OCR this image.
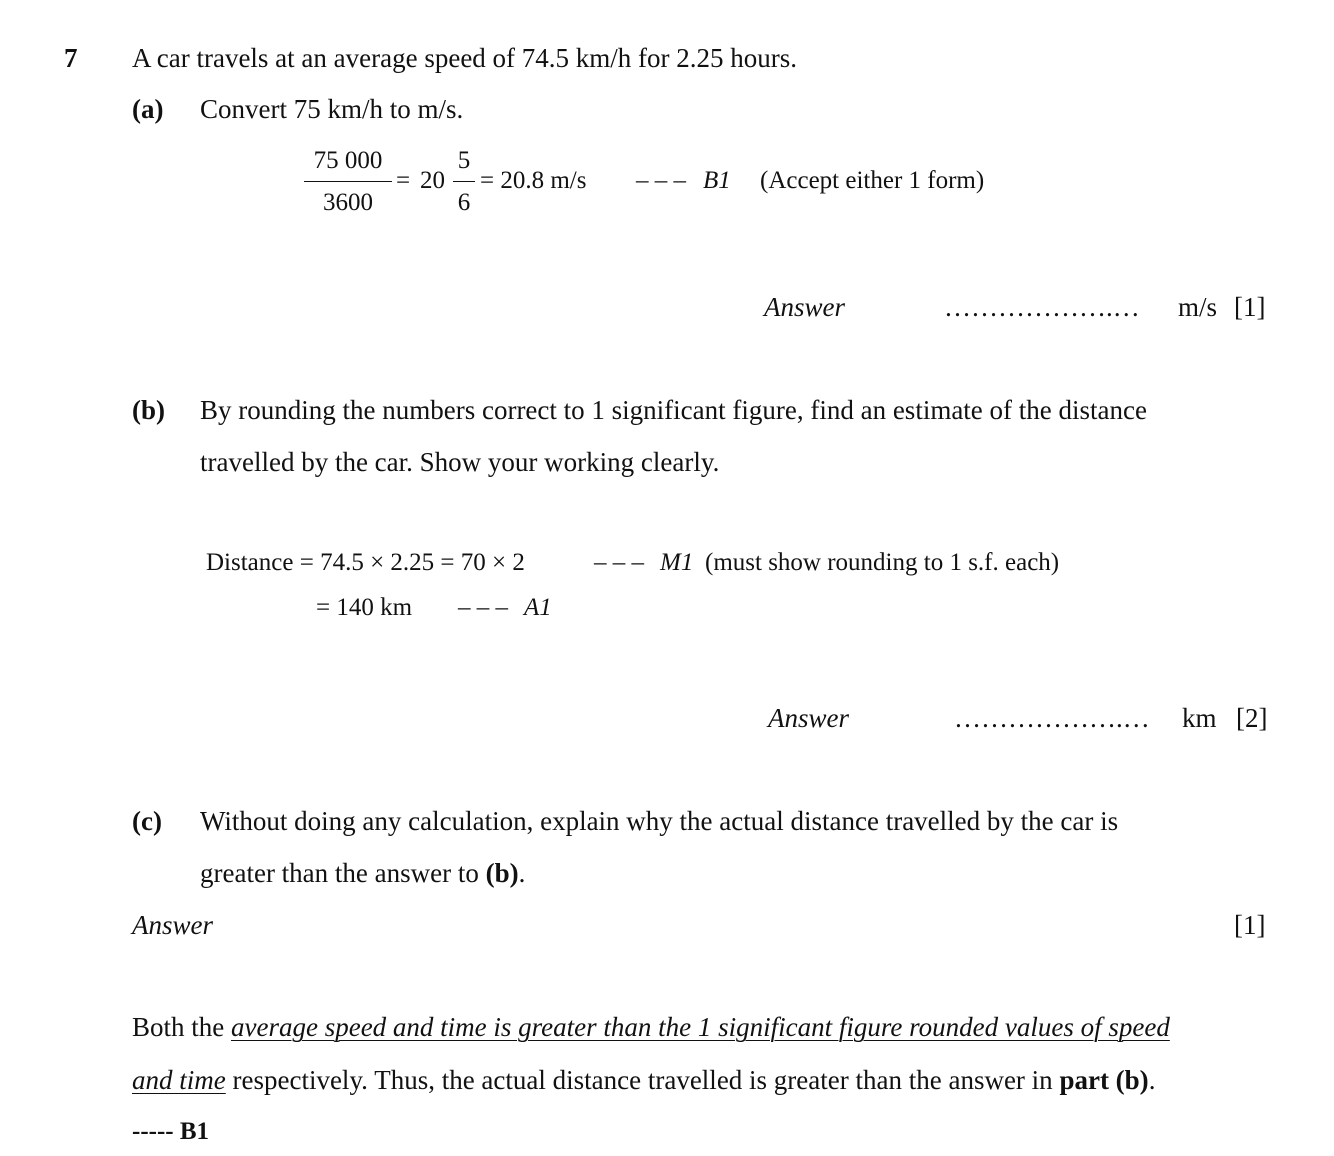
7 A car travels at an average speed of 74.5 km/h for 2.25 hours.
(a) Convert 75 km/h to m/s.
75 000
3600
= 20
5
6
= 20.8 m/s – – – B1 (Accept either 1 form)
Answer	……………….… m/s [1]
(b) By rounding the numbers correct to 1 significant figure, find an estimate of the distance
travelled by the car. Show your working clearly.
Distance = 74.5 × 2.25 = 70 × 2	– – – M1 (must show rounding to 1 s.f. each)
= 140 km – – – A1
Answer	……………….… km [2]
(c) Without doing any calculation, explain why the actual distance travelled by the car is
greater than the answer to (b).
Answer	[1]
Both the average speed and time is greater than the 1 significant figure rounded values of speed
and time respectively. Thus, the actual distance travelled is greater than the answer in part (b).
----- B1
